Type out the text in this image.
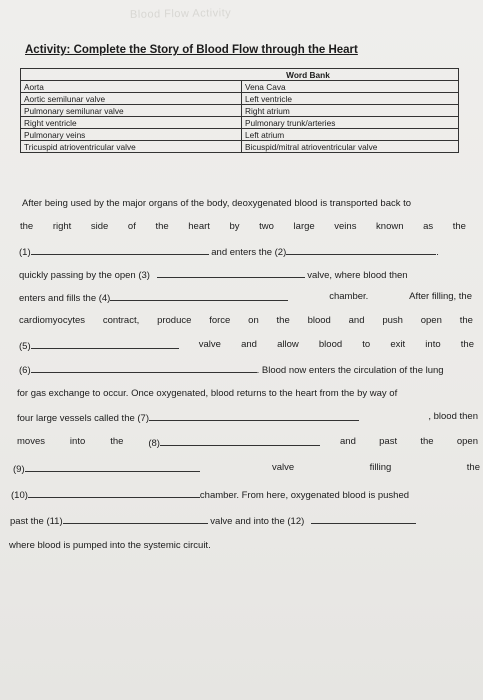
Blood Flow Activity
Activity: Complete the Story of Blood Flow through the Heart
Word Bank	
Aorta	Vena Cava
Aortic semilunar valve	Left ventricle
Pulmonary semilunar valve	Right atrium
Right ventricle	Pulmonary trunk/arteries
Pulmonary veins	Left atrium
Tricuspid atrioventricular valve	Bicuspid/mitral atrioventricular valve
After being used by the major organs of the body, deoxygenated blood is transported back to
the right side of the heart by two large veins known as the
(1)	and enters the (2)	.
quickly passing by the open (3)	valve, where blood then
enters and fills the (4)	chamber.	After filling, the
cardiomyocytes contract, produce force on the blood and push open the
(5)	valve and allow blood to exit into the
(6)	. Blood now enters the circulation of the lung
for gas exchange to occur. Once oxygenated, blood returns to the heart from the by way of
four large vessels called the (7)	, blood then
moves	into	the	(8)	and past the open
(9)	valve	filling	the
(10)	chamber. From here, oxygenated blood is pushed
past the (11)	valve and into the (12)
where blood is pumped into the systemic circuit.
